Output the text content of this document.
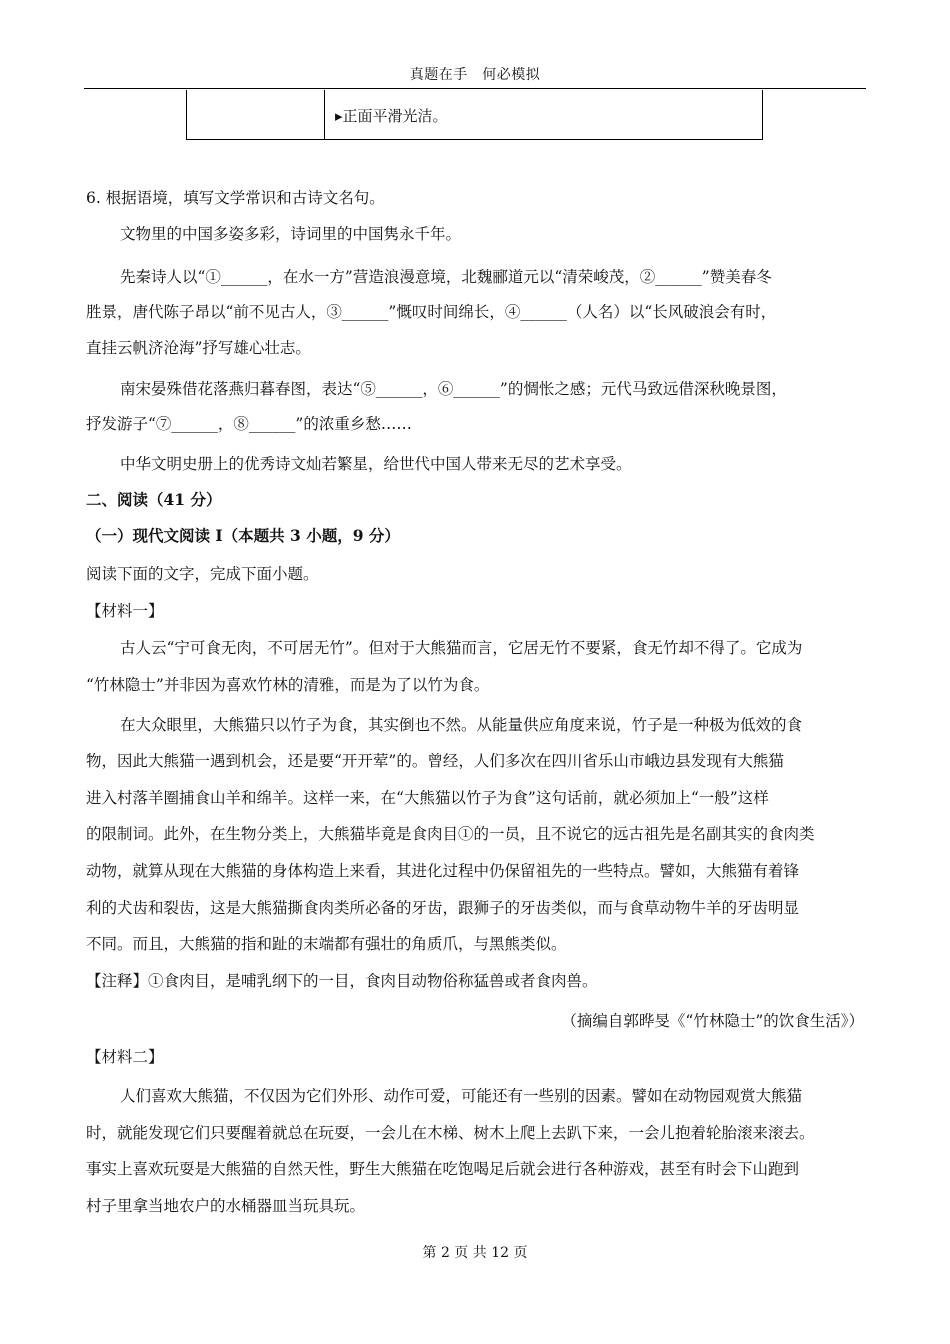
真题在手　何必模拟
▸正面平滑光洁。
6. 根据语境，填写文学常识和古诗文名句。
文物里的中国多姿多彩，诗词里的中国隽永千年。
先秦诗人以“①______，在水一方”营造浪漫意境，北魏郦道元以“清荣峻茂，②______”赞美春冬
胜景，唐代陈子昂以“前不见古人，③______”慨叹时间绵长，④______（人名）以“长风破浪会有时，
直挂云帆济沧海”抒写雄心壮志。
南宋晏殊借花落燕归暮春图，表达“⑤______，⑥______”的惆怅之感；元代马致远借深秋晚景图，
抒发游子“⑦______，⑧______”的浓重乡愁……
中华文明史册上的优秀诗文灿若繁星，给世代中国人带来无尽的艺术享受。
二、阅读（41 分）
（一）现代文阅读 I（本题共 3 小题，9 分）
阅读下面的文字，完成下面小题。
【材料一】
古人云“宁可食无肉，不可居无竹”。但对于大熊猫而言，它居无竹不要紧，食无竹却不得了。它成为
“竹林隐士”并非因为喜欢竹林的清雅，而是为了以竹为食。
在大众眼里，大熊猫只以竹子为食，其实倒也不然。从能量供应角度来说，竹子是一种极为低效的食
物，因此大熊猫一遇到机会，还是要“开开荤”的。曾经，人们多次在四川省乐山市峨边县发现有大熊猫
进入村落羊圈捕食山羊和绵羊。这样一来，在“大熊猫以竹子为食”这句话前，就必须加上“一般”这样
的限制词。此外，在生物分类上，大熊猫毕竟是食肉目①的一员，且不说它的远古祖先是名副其实的食肉类
动物，就算从现在大熊猫的身体构造上来看，其进化过程中仍保留祖先的一些特点。譬如，大熊猫有着锋
利的犬齿和裂齿，这是大熊猫撕食肉类所必备的牙齿，跟狮子的牙齿类似，而与食草动物牛羊的牙齿明显
不同。而且，大熊猫的指和趾的末端都有强壮的角质爪，与黑熊类似。
【注释】①食肉目，是哺乳纲下的一目，食肉目动物俗称猛兽或者食肉兽。
（摘编自郭晔旻《“竹林隐士”的饮食生活》）
【材料二】
人们喜欢大熊猫，不仅因为它们外形、动作可爱，可能还有一些别的因素。譬如在动物园观赏大熊猫
时，就能发现它们只要醒着就总在玩耍，一会儿在木梯、树木上爬上去趴下来，一会儿抱着轮胎滚来滚去。
事实上喜欢玩耍是大熊猫的自然天性，野生大熊猫在吃饱喝足后就会进行各种游戏，甚至有时会下山跑到
村子里拿当地农户的水桶器皿当玩具玩。
第 2 页 共 12 页
